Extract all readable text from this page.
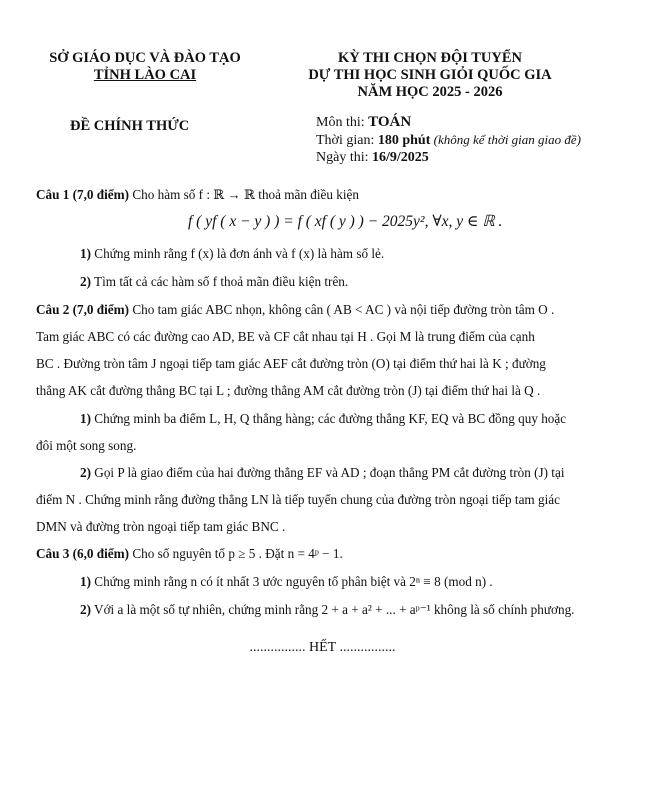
SỞ GIÁO DỤC VÀ ĐÀO TẠO
TỈNH LÀO CAI
KỲ THI CHỌN ĐỘI TUYỂN
DỰ THI HỌC SINH GIỎI QUỐC GIA
NĂM HỌC 2025 - 2026
ĐỀ CHÍNH THỨC	Môn thi: TOÁN
Thời gian: 180 phút (không kể thời gian giao đề)
Ngày thi: 16/9/2025
Câu 1 (7,0 điểm) Cho hàm số f : ℝ → ℝ thoả mãn điều kiện
f ( yf ( x − y ) ) = f ( xf ( y ) ) − 2025y², ∀x, y ∈ ℝ .
1) Chứng minh rằng f (x) là đơn ánh và f (x) là hàm số lẻ.
2) Tìm tất cả các hàm số f thoả mãn điều kiện trên.
Câu 2 (7,0 điểm) Cho tam giác ABC nhọn, không cân ( AB < AC ) và nội tiếp đường tròn tâm O .
Tam giác ABC có các đường cao AD, BE và CF cắt nhau tại H . Gọi M là trung điểm của cạnh
BC . Đường tròn tâm J ngoại tiếp tam giác AEF cắt đường tròn (O) tại điểm thứ hai là K ; đường
thẳng AK cắt đường thẳng BC tại L ; đường thẳng AM cắt đường tròn (J) tại điểm thứ hai là Q .
1) Chứng minh ba điểm L, H, Q thẳng hàng; các đường thẳng KF, EQ và BC đồng quy hoặc
đôi một song song.
2) Gọi P là giao điểm của hai đường thẳng EF và AD ; đoạn thẳng PM cắt đường tròn (J) tại
điểm N . Chứng minh rằng đường thẳng LN là tiếp tuyến chung của đường tròn ngoại tiếp tam giác
DMN và đường tròn ngoại tiếp tam giác BNC .
Câu 3 (6,0 điểm) Cho số nguyên tố p ≥ 5 . Đặt n = 4ᵖ − 1.
1) Chứng minh rằng n có ít nhất 3 ước nguyên tố phân biệt và 2ⁿ ≡ 8 (mod n) .
2) Với a là một số tự nhiên, chứng minh rằng 2 + a + a² + ... + aᵖ⁻¹ không là số chính phương.
................ HẾT ................
